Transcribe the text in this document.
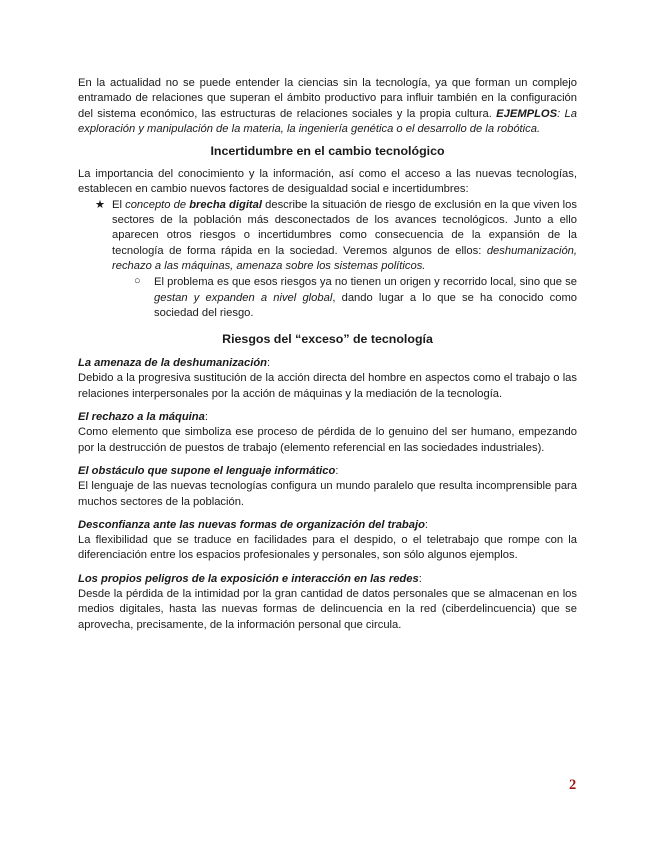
En la actualidad no se puede entender la ciencias sin la tecnología, ya que forman un complejo entramado de relaciones que superan el ámbito productivo para influir también en la configuración del sistema económico, las estructuras de relaciones sociales y la propia cultura. EJEMPLOS: La exploración y manipulación de la materia, la ingeniería genética o el desarrollo de la robótica.

Incertidumbre en el cambio tecnológico

La importancia del conocimiento y la información, así como el acceso a las nuevas tecnologías, establecen en cambio nuevos factores de desigualdad social e incertidumbres:

★ El concepto de brecha digital describe la situación de riesgo de exclusión en la que viven los sectores de la población más desconectados de los avances tecnológicos. Junto a ello aparecen otros riesgos o incertidumbres como consecuencia de la expansión de la tecnología de forma rápida en la sociedad. Veremos algunos de ellos: deshumanización, rechazo a las máquinas, amenaza sobre los sistemas políticos.
○ El problema es que esos riesgos ya no tienen un origen y recorrido local, sino que se gestan y expanden a nivel global, dando lugar a lo que se ha conocido como sociedad del riesgo.
Riesgos del “exceso” de tecnología

La amenaza de la deshumanización:

Debido a la progresiva sustitución de la acción directa del hombre en aspectos como el trabajo o las relaciones interpersonales por la acción de máquinas y la mediación de la tecnología.

El rechazo a la máquina:

Como elemento que simboliza ese proceso de pérdida de lo genuino del ser humano, empezando por la destrucción de puestos de trabajo (elemento referencial en las sociedades industriales).

El obstáculo que supone el lenguaje informático:

El lenguaje de las nuevas tecnologías configura un mundo paralelo que resulta incomprensible para muchos sectores de la población.

Desconfianza ante las nuevas formas de organización del trabajo:

La flexibilidad que se traduce en facilidades para el despido, o el teletrabajo que rompe con la diferenciación entre los espacios profesionales y personales, son sólo algunos ejemplos.

Los propios peligros de la exposición e interacción en las redes:

Desde la pérdida de la intimidad por la gran cantidad de datos personales que se almacenan en los medios digitales, hasta las nuevas formas de delincuencia en la red (ciberdelincuencia) que se aprovecha, precisamente, de la información personal que circula.

2
